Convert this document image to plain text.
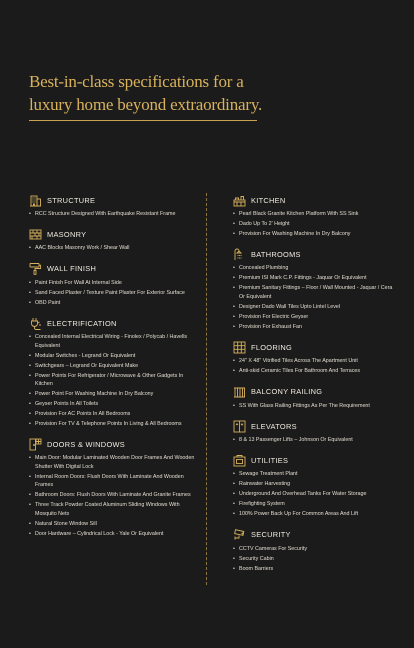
Best-in-class specifications for a
luxury home beyond extraordinary.
STRUCTURE
• RCC Structure Designed With Earthquake Resistant Frame
MASONRY
• AAC Blocks Masonry Work / Shear Wall
WALL FINISH
• Paint Finish For Wall At Internal Side
• Sand Faced Plaster / Texture Paint Plaster For Exterior Surface
• OBD Paint
ELECTRIFICATION
• Concealed Internal Electrical Wiring - Finolex / Polycab / Havells Equivalent
• Modular Switches - Legrand Or Equivalent
• Switchgears – Legrand Or Equivalent Make
• Power Points For Refrigerator / Microwave & Other Gadgets In Kitchen
• Power Point For Washing Machine In Dry Balcony
• Geyser Points In All Toilets
• Provision For AC Points In All Bedrooms
• Provision For TV & Telephone Points In Living & All Bedrooms
DOORS & WINDOWS
• Main Door: Modular Laminated Wooden Door Frames And Wooden Shutter With Digital Lock
• Internal Room Doors: Flush Doors With Laminate And Wooden Frames
• Bathroom Doors: Flush Doors With Laminate And Granite Frames
• Three Track Powder Coated Aluminum Sliding Windows With Mosquito Nets
• Natural Stone Window Sill
• Door Hardware – Cylindrical Lock - Yale Or Equivalent
KITCHEN
• Pearl Black Granite Kitchen Platform With SS Sink
• Dado Up To 2' Height
• Provision For Washing Machine In Dry Balcony
BATHROOMS
• Concealed Plumbing
• Premium ISI Mark C.P. Fittings - Jaquar Or Equivalent
• Premium Sanitary Fittings – Floor / Wall Mounted - Jaquar / Cera Or Equivalent
• Designer Dado Wall Tiles Upto Lintel Level
• Provision For Electric Geyser
• Provision For Exhaust Fan
FLOORING
• 24" X 48" Vitrified Tiles Across The Apartment Unit
• Anti-skid Ceramic Tiles For Bathroom And Terraces
BALCONY RAILING
• SS With Glass Railing Fittings As Per The Requirement
ELEVATORS
• 8 & 13 Passenger Lifts – Johnson Or Equivalent
UTILITIES
• Sewage Treatment Plant
• Rainwater Harvesting
• Underground And Overhead Tanks For Water Storage
• Firefighting System
• 100% Power Back Up For Common Areas And Lift
SECURITY
• CCTV Cameras For Security
• Security Cabin
• Boom Barriers
